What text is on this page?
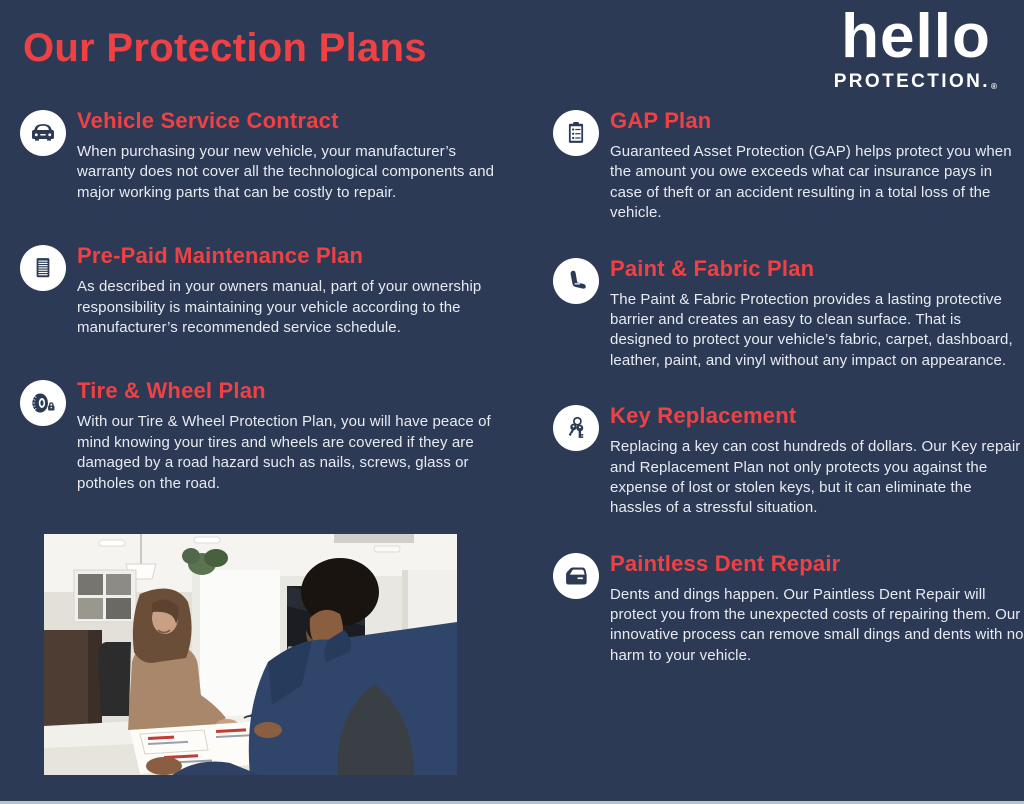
Our Protection Plans	hello
PROTECTION.®
Vehicle Service Contract

When purchasing your new vehicle, your manufacturer’s warranty does not cover all the technological components and major working parts that can be costly to repair.

Pre-Paid Maintenance Plan

As described in your owners manual, part of your ownership responsibility is maintaining your vehicle according to the manufacturer’s recommended service schedule.

Tire & Wheel Plan

With our Tire & Wheel Protection Plan, you will have peace of mind knowing your tires and wheels are covered if they are damaged by a road hazard such as nails, screws, glass or potholes on the road.

GAP Plan

Guaranteed Asset Protection (GAP) helps protect you when the amount you owe exceeds what car insurance pays in case of theft or an accident resulting in a total loss of the vehicle.

Paint & Fabric Plan

The Paint & Fabric Protection provides a lasting protective barrier and creates an easy to clean surface. That is designed to protect your vehicle’s fabric, carpet, dashboard, leather, paint, and vinyl without any impact on appearance.

Key Replacement

Replacing a key can cost hundreds of dollars. Our Key repair and Replacement Plan not only protects you against the expense of lost or stolen keys, but it can eliminate the hassles of a stressful situation.

Paintless Dent Repair

Dents and dings happen. Our Paintless Dent Repair will protect you from the unexpected costs of repairing them. Our innovative process can remove small dings and dents with no harm to your vehicle.
